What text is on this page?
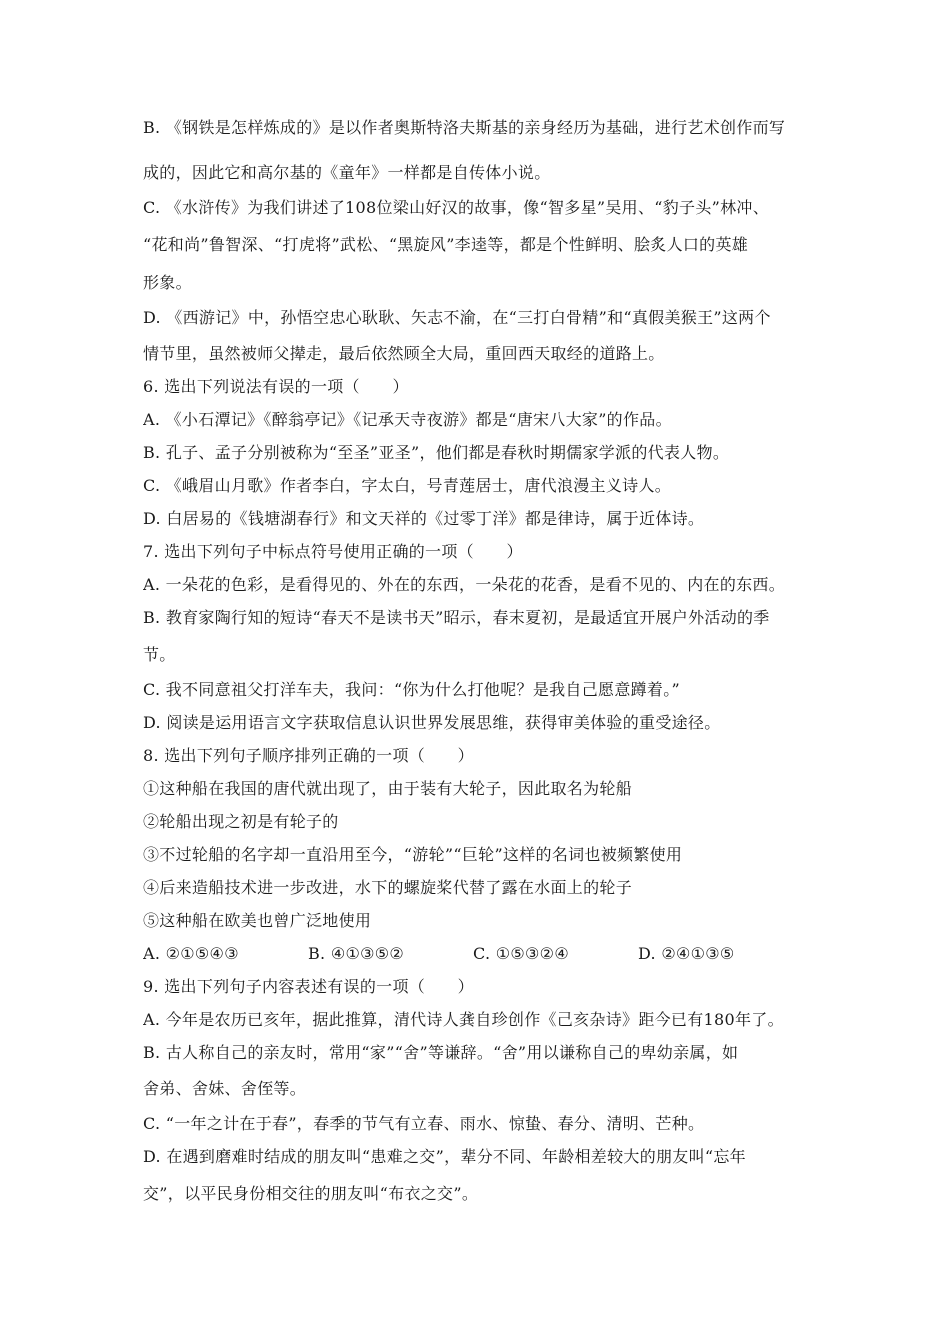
B. 《钢铁是怎样炼成的》是以作者奥斯特洛夫斯基的亲身经历为基础，进行艺术创作而写
成的，因此它和高尔基的《童年》一样都是自传体小说。
C. 《水浒传》为我们讲述了108位梁山好汉的故事，像“智多星”吴用、“豹子头”林冲、
“花和尚”鲁智深、“打虎将”武松、“黑旋风”李逵等，都是个性鲜明、脍炙人口的英雄
形象。
D. 《西游记》中，孙悟空忠心耿耿、矢志不渝，在“三打白骨精”和“真假美猴王”这两个
情节里，虽然被师父撵走，最后依然顾全大局，重回西天取经的道路上。
6. 选出下列说法有误的一项（　　）
A. 《小石潭记》《醉翁亭记》《记承天寺夜游》都是“唐宋八大家”的作品。
B. 孔子、孟子分别被称为“至圣”亚圣”，他们都是春秋时期儒家学派的代表人物。
C. 《峨眉山月歌》作者李白，字太白，号青莲居士，唐代浪漫主义诗人。
D. 白居易的《钱塘湖春行》和文天祥的《过零丁洋》都是律诗，属于近体诗。
7. 选出下列句子中标点符号使用正确的一项（　　）
A. 一朵花的色彩，是看得见的、外在的东西，一朵花的花香，是看不见的、内在的东西。
B. 教育家陶行知的短诗“春天不是读书天”昭示，春末夏初，是最适宜开展户外活动的季
节。
C. 我不同意祖父打洋车夫，我问：“你为什么打他呢？是我自己愿意蹲着。”
D. 阅读是运用语言文字获取信息认识世界发展思维，获得审美体验的重受途径。
8. 选出下列句子顺序排列正确的一项（　　）
①这种船在我国的唐代就出现了，由于装有大轮子，因此取名为轮船
②轮船出现之初是有轮子的
③不过轮船的名字却一直沿用至今，“游轮”“巨轮”这样的名词也被频繁使用
④后来造船技术进一步改进，水下的螺旋桨代替了露在水面上的轮子
⑤这种船在欧美也曾广泛地使用
A. ②①⑤④③	B. ④①③⑤②	C. ①⑤③②④	D. ②④①③⑤
9. 选出下列句子内容表述有误的一项（　　）
A. 今年是农历已亥年，据此推算，清代诗人龚自珍创作《己亥杂诗》距今已有180年了。
B. 古人称自己的亲友时，常用“家”“舍”等谦辞。“舍”用以谦称自己的卑幼亲属，如
舍弟、舍妹、舍侄等。
C. “一年之计在于春”，春季的节气有立春、雨水、惊蛰、春分、清明、芒种。
D. 在遇到磨难时结成的朋友叫“患难之交”，辈分不同、年龄相差较大的朋友叫“忘年
交”，以平民身份相交往的朋友叫“布衣之交”。
